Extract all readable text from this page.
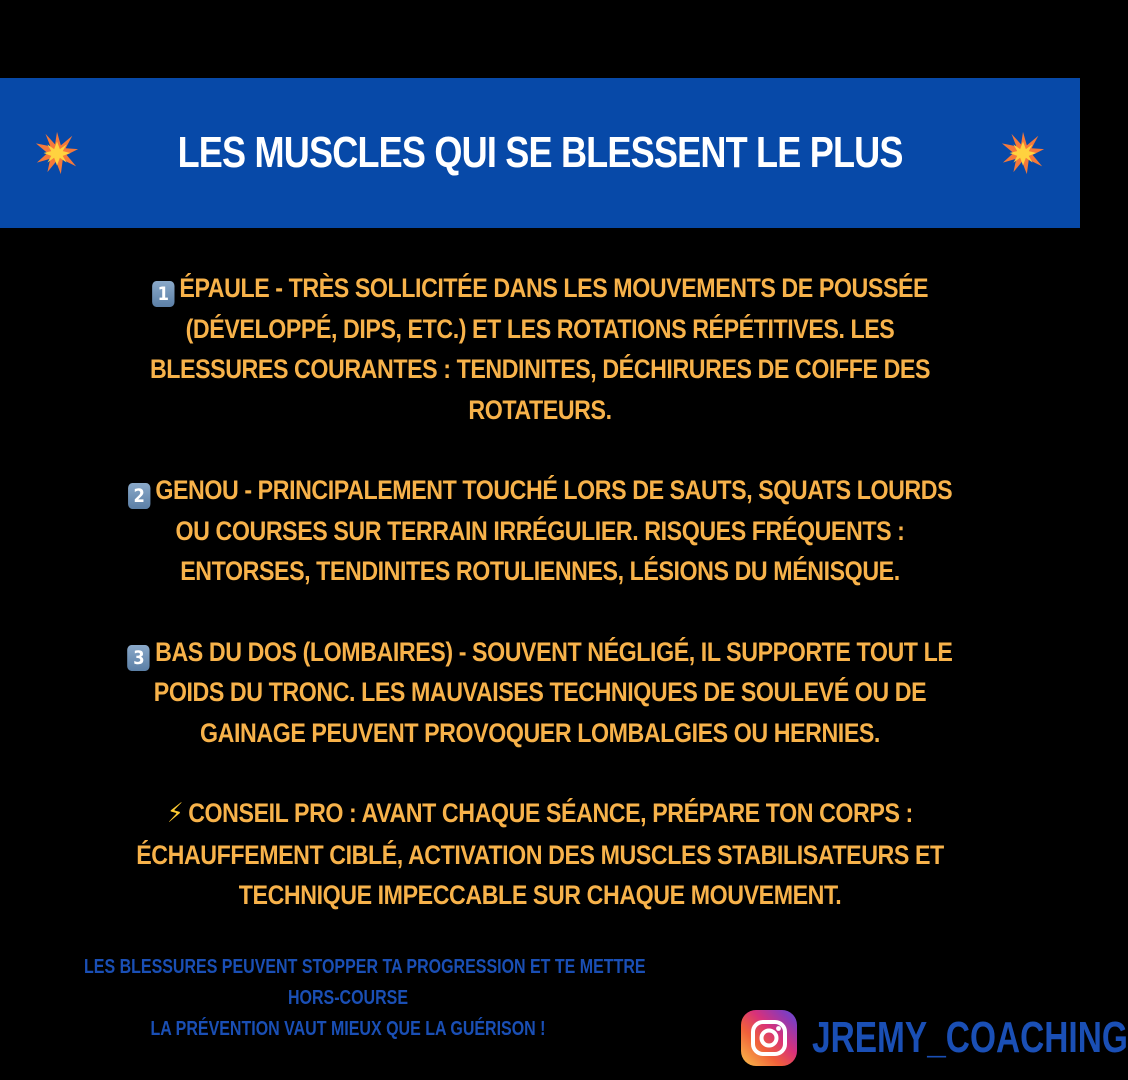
LES MUSCLES QUI SE BLESSENT LE PLUS

1 ÉPAULE - TRÈS SOLLICITÉE DANS LES MOUVEMENTS DE POUSSÉE (DÉVELOPPÉ, DIPS, ETC.) ET LES ROTATIONS RÉPÉTITIVES. LES BLESSURES COURANTES : TENDINITES, DÉCHIRURES DE COIFFE DES ROTATEURS.

2 GENOU - PRINCIPALEMENT TOUCHÉ LORS DE SAUTS, SQUATS LOURDS OU COURSES SUR TERRAIN IRRÉGULIER. RISQUES FRÉQUENTS : ENTORSES, TENDINITES ROTULIENNES, LÉSIONS DU MÉNISQUE.

3 BAS DU DOS (LOMBAIRES) - SOUVENT NÉGLIGÉ, IL SUPPORTE TOUT LE POIDS DU TRONC. LES MAUVAISES TECHNIQUES DE SOULEVÉ OU DE GAINAGE PEUVENT PROVOQUER LOMBALGIES OU HERNIES.

⚡ CONSEIL PRO : AVANT CHAQUE SÉANCE, PRÉPARE TON CORPS : ÉCHAUFFEMENT CIBLÉ, ACTIVATION DES MUSCLES STABILISATEURS ET TECHNIQUE IMPECCABLE SUR CHAQUE MOUVEMENT.

LES BLESSURES PEUVENT STOPPER TA PROGRESSION ET TE METTRE
HORS-COURSE
LA PRÉVENTION VAUT MIEUX QUE LA GUÉRISON !	JREMY_COACHING
